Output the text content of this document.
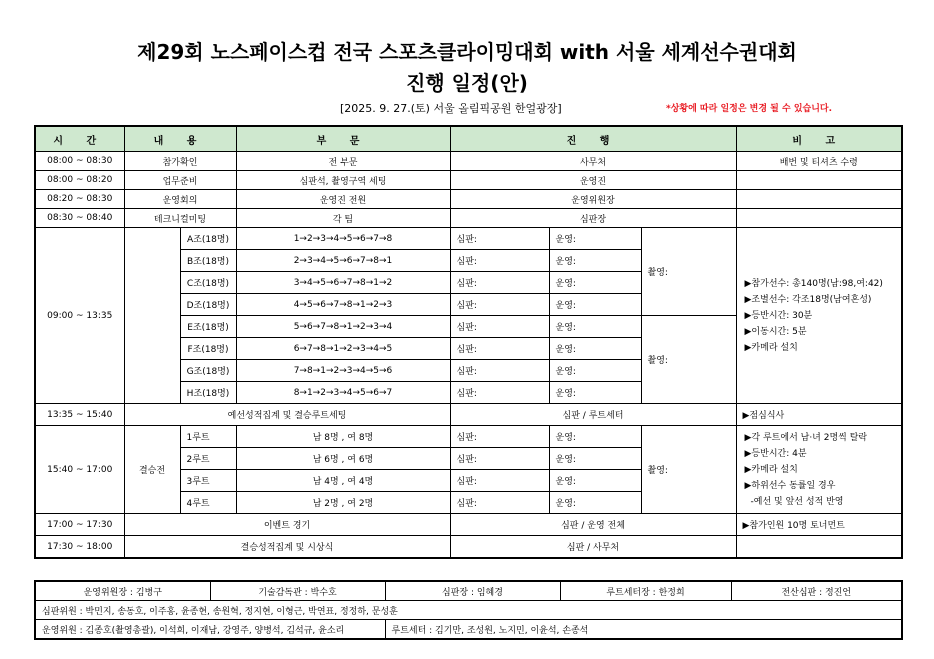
제29회 노스페이스컵 전국 스포츠클라이밍대회 with 서울 세계선수권대회
진행 일정(안)
[2025. 9. 27.(토) 서울 올림픽공원 한얼광장]	*상황에 따라 일정은 변경 될 수 있습니다.
시 간	내 용		부 문	진 행			비 고
08:00 ~ 08:30	참가확인		전 부문	사무처			배번 및 티셔츠 수령
08:00 ~ 08:20	업무준비		심판석, 촬영구역 세팅	운영진			
08:20 ~ 08:30	운영회의		운영진 전원	운영위원장			
08:30 ~ 08:40	테크니컬미팅		각 팀	심판장			
09:00 ~ 13:35		A조(18명)	1→2→3→4→5→6→7→8	심판:	운영:	촬영:	▶참가선수: 총140명(남:98,여:42)
▶조별선수: 각조18명(남여혼성)
▶등반시간: 30분
▶이동시간: 5분
▶카메라 설치

		B조(18명)	2→3→4→5→6→7→8→1	심판:	운영:		
		C조(18명)	3→4→5→6→7→8→1→2	심판:	운영:		
		D조(18명)	4→5→6→7→8→1→2→3	심판:	운영:		
		E조(18명)	5→6→7→8→1→2→3→4	심판:	운영:	촬영:	
		F조(18명)	6→7→8→1→2→3→4→5	심판:	운영:		
		G조(18명)	7→8→1→2→3→4→5→6	심판:	운영:		
		H조(18명)	8→1→2→3→4→5→6→7	심판:	운영:		
13:35 ~ 15:40	예선성적집계 및 결승루트세팅			심판 / 루트세터			▶점심식사
15:40 ~ 17:00	결승전	1루트	남 8명 , 여 8명	심판:	운영:	촬영:	▶각 루트에서 남·녀 2명씩 탈락
▶등반시간: 4분
▶카메라 설치
▶하위선수 동률일 경우
-예선 및 앞선 성적 반영

		2루트	남 6명 , 여 6명	심판:	운영:		
		3루트	남 4명 , 여 4명	심판:	운영:		
		4루트	남 2명 , 여 2명	심판:	운영:		
17:00 ~ 17:30	이벤트 경기			심판 / 운영 전체			▶참가인원 10명 토너먼트
17:30 ~ 18:00	결승성적집계 및 시상식			심판 / 사무처			
운영위원장 : 김병구	기술감독관 : 박수호	심판장 : 임혜경	루트세터장 : 한정희	전산심판 : 정진언
심판위원 : 박민지, 송동호, 이주홍, 윤종현, 송원혁, 정지현, 이형근, 박연표, 정정하, 문성훈				
운영위원 : 김종호(촬영총괄), 이석희, 이재남, 강영주, 양병석, 김석규, 윤소리		루트세터 : 김기만, 조성원, 노지민, 이윤석, 손종석		
